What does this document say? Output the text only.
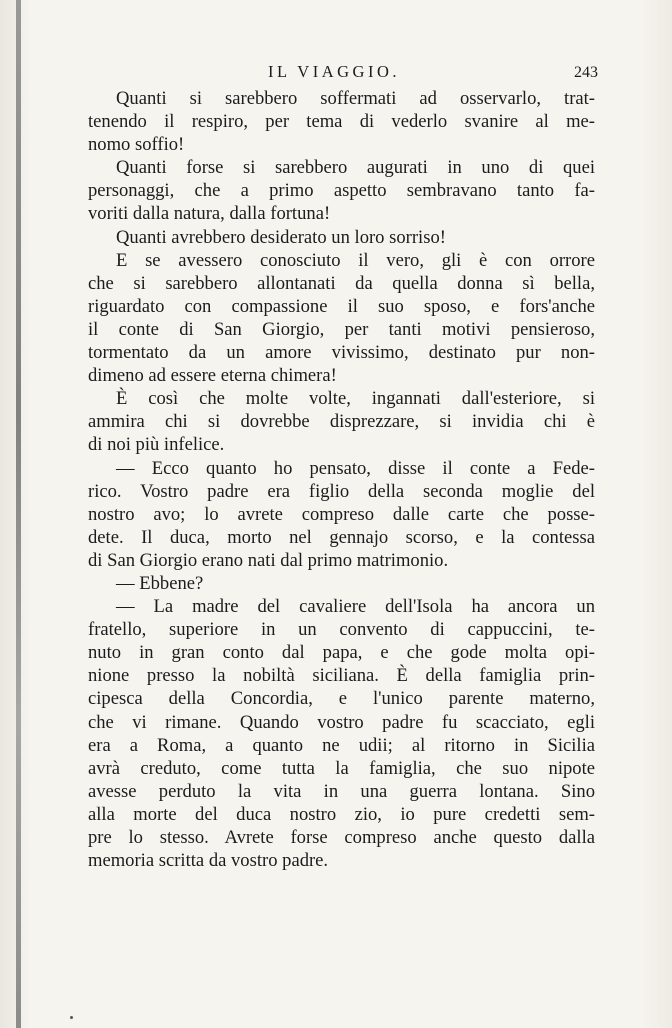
IL VIAGGIO.	243
Quanti si sarebbero soffermati ad osservarlo, trat-
tenendo il respiro, per tema di vederlo svanire al me-
nomo soffio!
Quanti forse si sarebbero augurati in uno di quei
personaggi, che a primo aspetto sembravano tanto fa-
voriti dalla natura, dalla fortuna!
Quanti avrebbero desiderato un loro sorriso!
E se avessero conosciuto il vero, gli è con orrore
che si sarebbero allontanati da quella donna sì bella,
riguardato con compassione il suo sposo, e fors'anche
il conte di San Giorgio, per tanti motivi pensieroso,
tormentato da un amore vivissimo, destinato pur non-
dimeno ad essere eterna chimera!
È così che molte volte, ingannati dall'esteriore, si
ammira chi si dovrebbe disprezzare, si invidia chi è
di noi più infelice.
— Ecco quanto ho pensato, disse il conte a Fede-
rico. Vostro padre era figlio della seconda moglie del
nostro avo; lo avrete compreso dalle carte che posse-
dete. Il duca, morto nel gennajo scorso, e la contessa
di San Giorgio erano nati dal primo matrimonio.
— Ebbene?
— La madre del cavaliere dell'Isola ha ancora un
fratello, superiore in un convento di cappuccini, te-
nuto in gran conto dal papa, e che gode molta opi-
nione presso la nobiltà siciliana. È della famiglia prin-
cipesca della Concordia, e l'unico parente materno,
che vi rimane. Quando vostro padre fu scacciato, egli
era a Roma, a quanto ne udii; al ritorno in Sicilia
avrà creduto, come tutta la famiglia, che suo nipote
avesse perduto la vita in una guerra lontana. Sino
alla morte del duca nostro zio, io pure credetti sem-
pre lo stesso. Avrete forse compreso anche questo dalla
memoria scritta da vostro padre.
